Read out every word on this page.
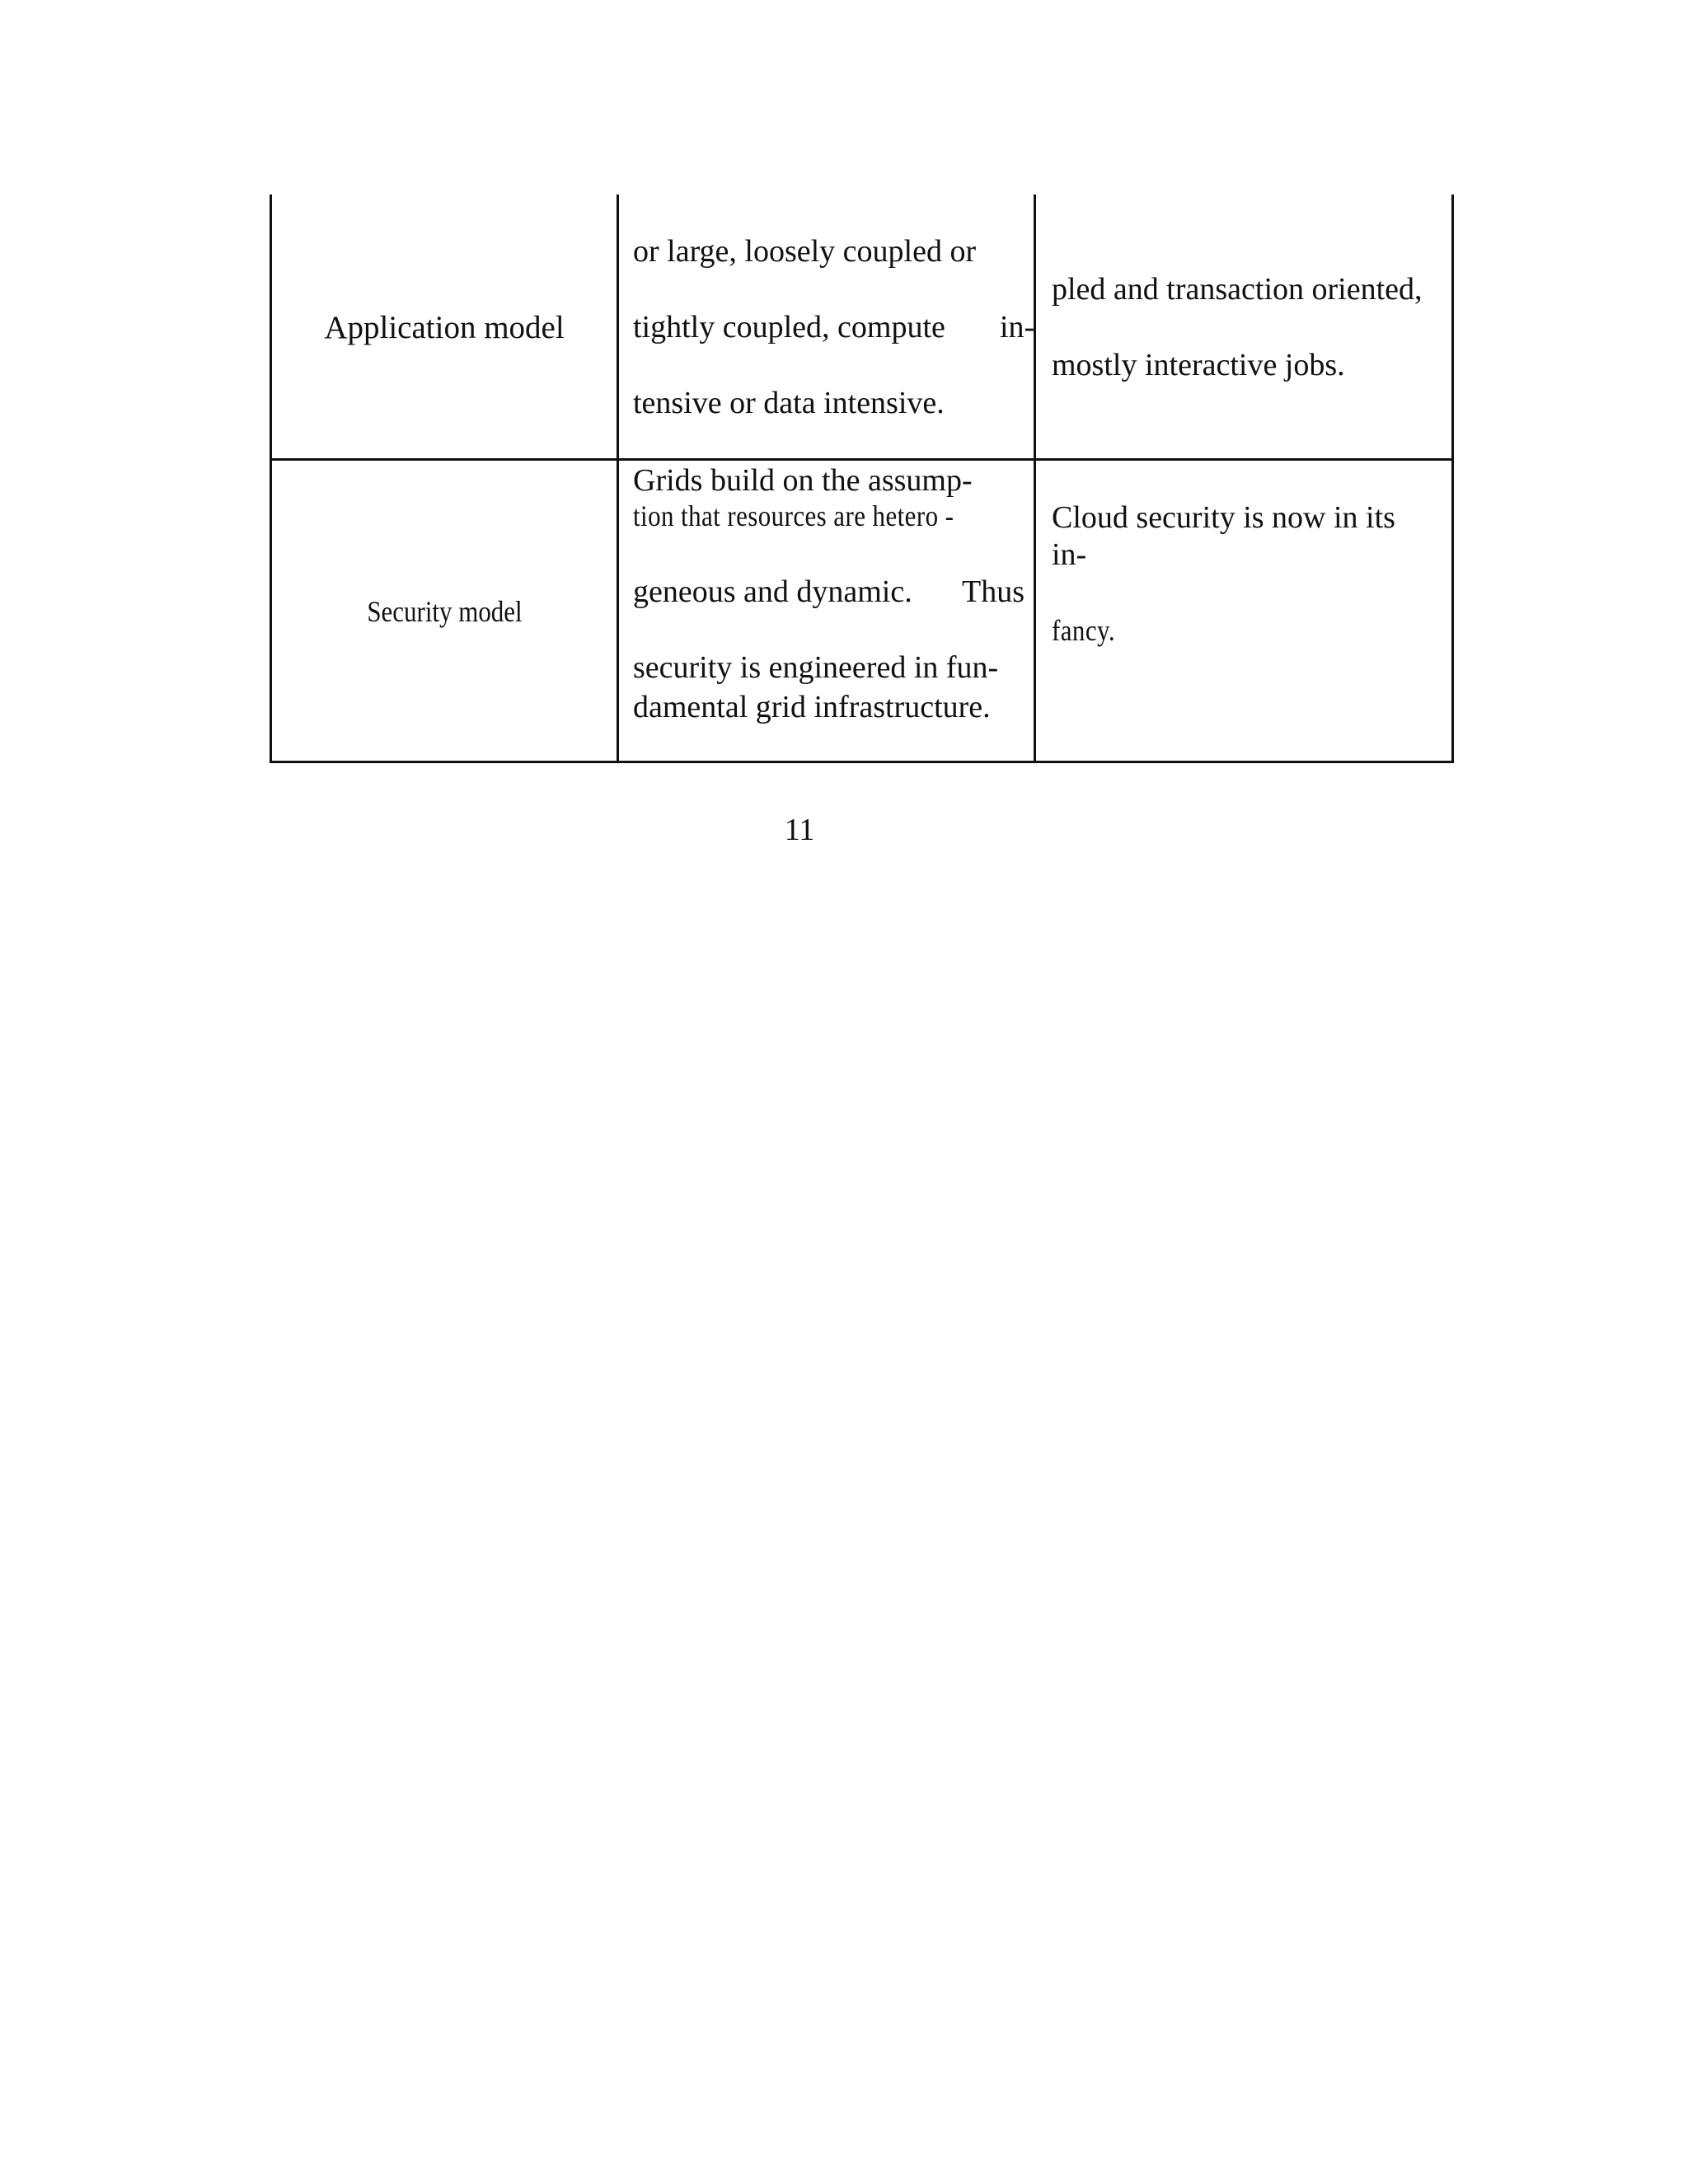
Application model
or large, loosely coupled or
tightly coupled, compute in-
tensive or data intensive.
pled and transaction oriented,
mostly interactive jobs.
Security model
Grids build on the assump-
tion that resources are hetero -
geneous and dynamic. Thus
security is engineered in fun-
damental grid infrastructure.
Cloud security is now in its
in-
fancy.
11
